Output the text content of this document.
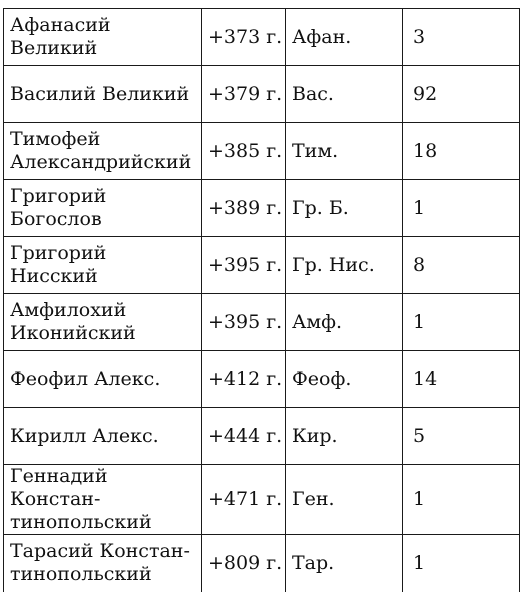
Афанасий Великий	+373 г.	Афан.	3

Василий Великий	+379 г.	Вас.	92

Тимофей
Александрийский	+385 г.	Тим.	18

Григорий Богослов	+389 г.	Гр. Б.	1

Григорий Нисский	+395 г.	Гр. Нис.	8

Амфилохий
Иконийский	+395 г.	Амф.	1

Феофил Алекс.	+412 г.	Феоф.	14

Кирилл Алекс.	+444 г.	Кир.	5

Геннадий Констан-
тинопольский	+471 г.	Ген.	1

Тарасий Констан-
тинопольский	+809 г.	Тар.	1
